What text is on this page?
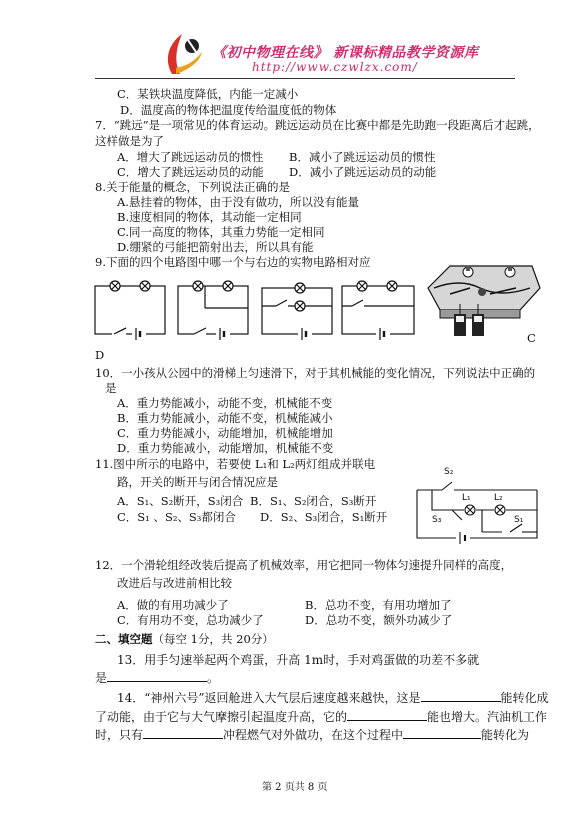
《初中物理在线》 新课标精品教学资源库
http://www.czwlzx.com/
C．某铁块温度降低，内能一定减小
D．温度高的物体把温度传给温度低的物体
7．“跳远”是一项常见的体育运动。跳远运动员在比赛中都是先助跑一段距离后才起跳，
这样做是为了
A．增大了跳远运动员的惯性 B．减小了跳远运动员的惯性
C．增大了跳远运动员的动能 D．减小了跳远运动员的动能
8.关于能量的概念，下列说法正确的是
A.悬挂着的物体，由于没有做功，所以没有能量
B.速度相同的物体，其动能一定相同
C.同一高度的物体，其重力势能一定相同
D.绷紧的弓能把箭射出去，所以具有能
9.下面的四个电路图中哪一个与右边的实物电路相对应
C
D
10．一小孩从公园中的滑梯上匀速滑下，对于其机械能的变化情况，下列说法中正确的
是
A．重力势能减小，动能不变，机械能不变
B．重力势能减小，动能不变，机械能减小
C．重力势能减小，动能增加，机械能增加
D．重力势能减小，动能增加，机械能不变
11.图中所示的电路中，若要使 L₁和 L₂两灯组成并联电
路，开关的断开与闭合情况应是
A．S₁、S₂断开，S₃闭合 B．S₁、S₂闭合，S₃断开
C．S₁ 、S₂、S₃都闭合 D．S₂、S₃闭合，S₁断开
S₂
S₃
L₁	L₂
S₁
12．一个滑轮组经改装后提高了机械效率，用它把同一物体匀速提升同样的高度，
改进后与改进前相比较
A．做的有用功减少了	B．总功不变，有用功增加了
C．有用功不变，总功减少了	D．总功不变，额外功减少了
二、填空题（每空 1分，共 20分）
13．用手匀速举起两个鸡蛋，升高 1m时，手对鸡蛋做的功差不多就
是	。
14．“神州六号”返回舱进入大气层后速度越来越快，这是	能转化成
了动能，由于它与大气摩擦引起温度升高，它的	能也增大。汽油机工作
时，只有	冲程燃气对外做功，在这个过程中	能转化为
第 2 页共 8 页
